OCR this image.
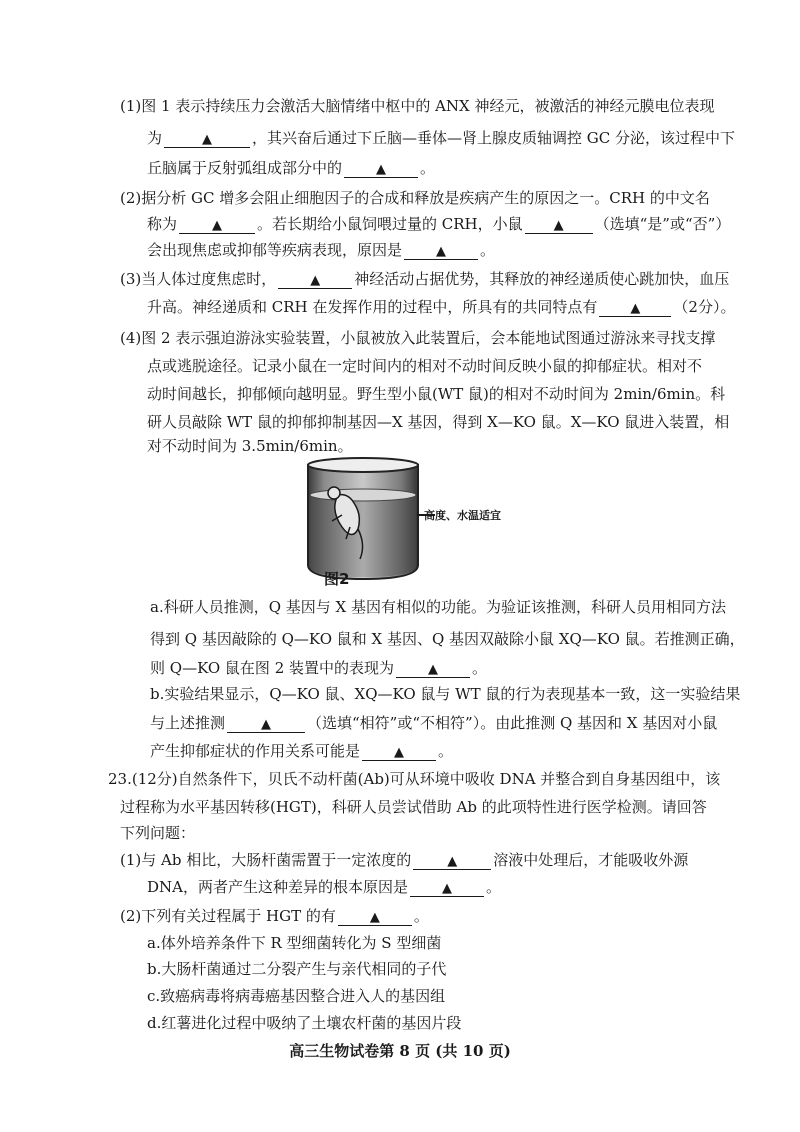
(1)图 1 表示持续压力会激活大脑情绪中枢中的 ANX 神经元，被激活的神经元膜电位表现
为	▲	，其兴奋后通过下丘脑—垂体—肾上腺皮质轴调控 GC 分泌，该过程中下
丘脑属于反射弧组成部分中的	▲ 。
(2)据分析 GC 增多会阻止细胞因子的合成和释放是疾病产生的原因之一。CRH 的中文名
称为	▲ 。若长期给小鼠饲喂过量的 CRH，小鼠 ▲ （选填“是”或“否”）
会出现焦虑或抑郁等疾病表现，原因是	▲ 。
(3)当人体过度焦虑时，	▲ 神经活动占据优势，其释放的神经递质使心跳加快，血压
升高。神经递质和 CRH 在发挥作用的过程中，所具有的共同特点有	▲ （2分）。
(4)图 2 表示强迫游泳实验装置，小鼠被放入此装置后，会本能地试图通过游泳来寻找支撑
点或逃脱途径。记录小鼠在一定时间内的相对不动时间反映小鼠的抑郁症状。相对不
动时间越长，抑郁倾向越明显。野生型小鼠(WT 鼠)的相对不动时间为 2min/6min。科
研人员敲除 WT 鼠的抑郁抑制基因—X 基因，得到 X—KO 鼠。X—KO 鼠进入装置，相
对不动时间为 3.5min/6min。
高度、水温适宜
图2
a.科研人员推测，Q 基因与 X 基因有相似的功能。为验证该推测，科研人员用相同方法
得到 Q 基因敲除的 Q—KO 鼠和 X 基因、Q 基因双敲除小鼠 XQ—KO 鼠。若推测正确，
则 Q—KO 鼠在图 2 装置中的表现为	▲ 。
b.实验结果显示，Q—KO 鼠、XQ—KO 鼠与 WT 鼠的行为表现基本一致，这一实验结果
与上述推测	▲ （选填“相符”或“不相符”）。由此推测 Q 基因和 X 基因对小鼠
产生抑郁症状的作用关系可能是	▲ 。
23.(12分)自然条件下，贝氏不动杆菌(Ab)可从环境中吸收 DNA 并整合到自身基因组中，该
过程称为水平基因转移(HGT)，科研人员尝试借助 Ab 的此项特性进行医学检测。请回答
下列问题：
(1)与 Ab 相比，大肠杆菌需置于一定浓度的	▲ 溶液中处理后，才能吸收外源
DNA，两者产生这种差异的根本原因是	▲ 。
(2)下列有关过程属于 HGT 的有	▲ 。
a.体外培养条件下 R 型细菌转化为 S 型细菌
b.大肠杆菌通过二分裂产生与亲代相同的子代
c.致癌病毒将病毒癌基因整合进入人的基因组
d.红薯进化过程中吸纳了土壤农杆菌的基因片段
高三生物试卷第 8 页 (共 10 页)
